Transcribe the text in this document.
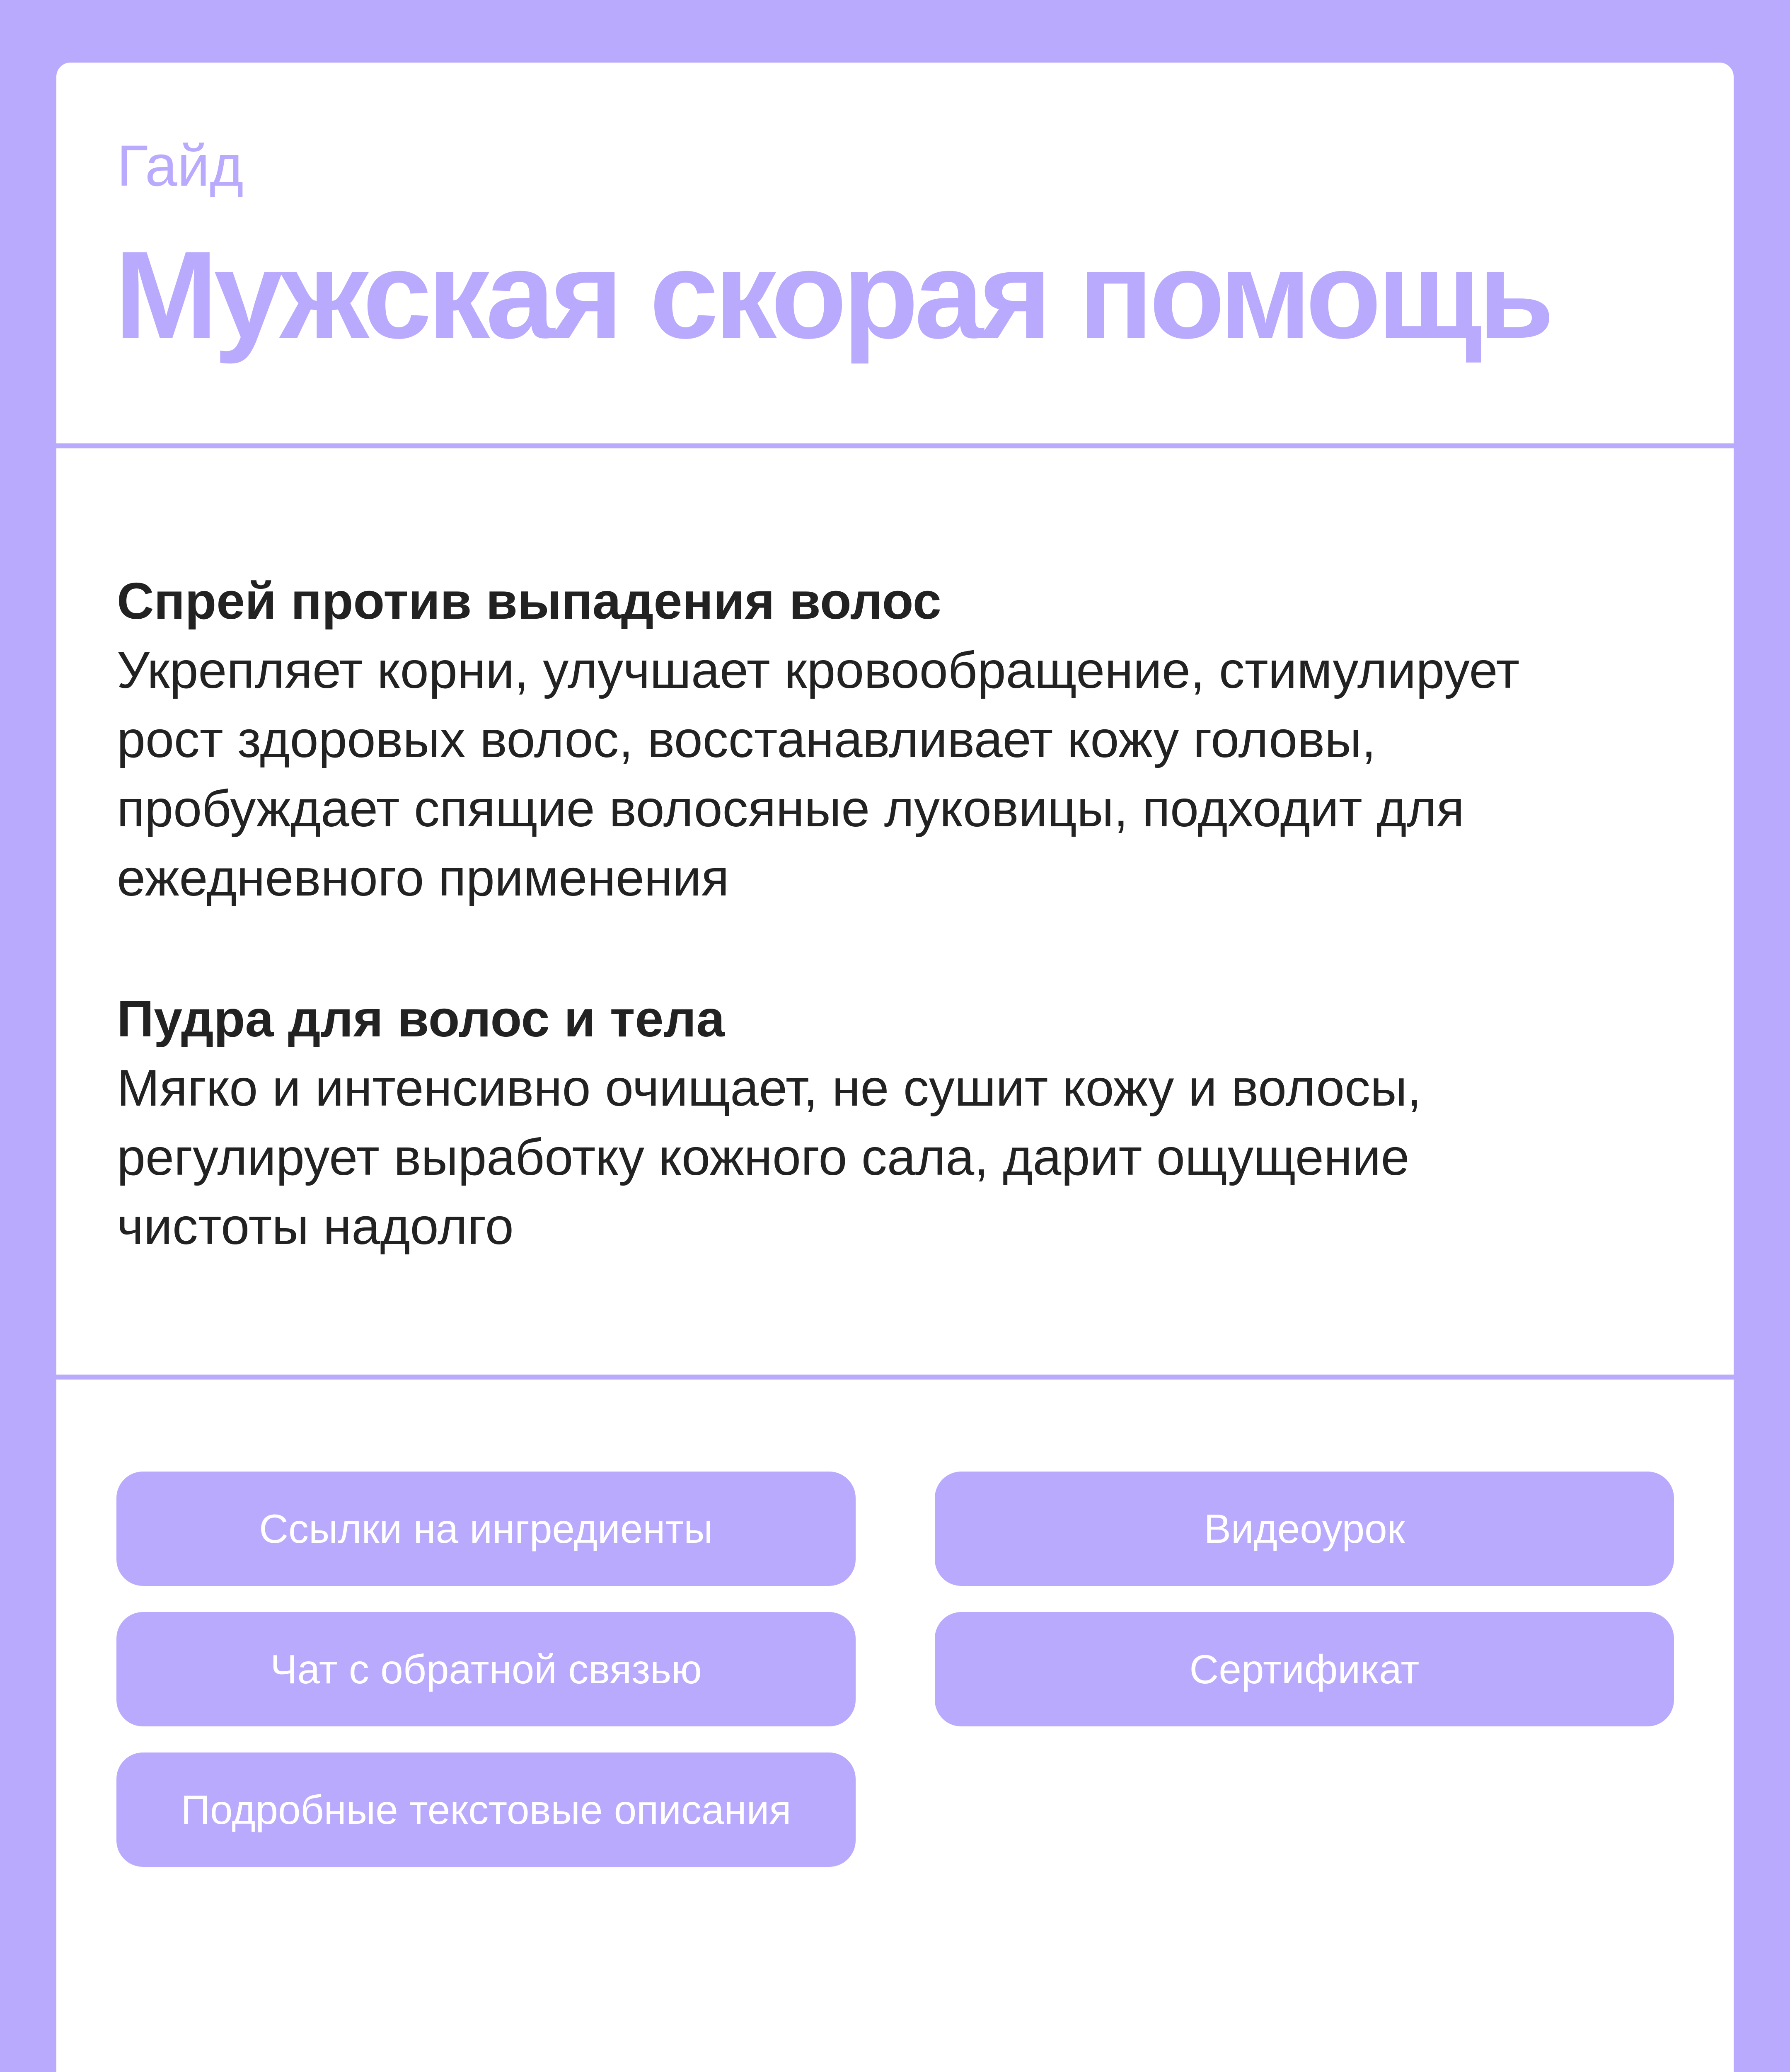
Гайд
Мужская скорая помощь
Спрей против выпадения волос
Укрепляет корни, улучшает кровообращение, стимулирует
рост здоровых волос, восстанавливает кожу головы,
пробуждает спящие волосяные луковицы, подходит для
ежедневного применения
Пудра для волос и тела
Мягко и интенсивно очищает, не сушит кожу и волосы,
регулирует выработку кожного сала, дарит ощущение
чистоты надолго
Ссылки на ингредиенты	Видеоурок
Чат с обратной связью	Сертификат
Подробные текстовые описания
